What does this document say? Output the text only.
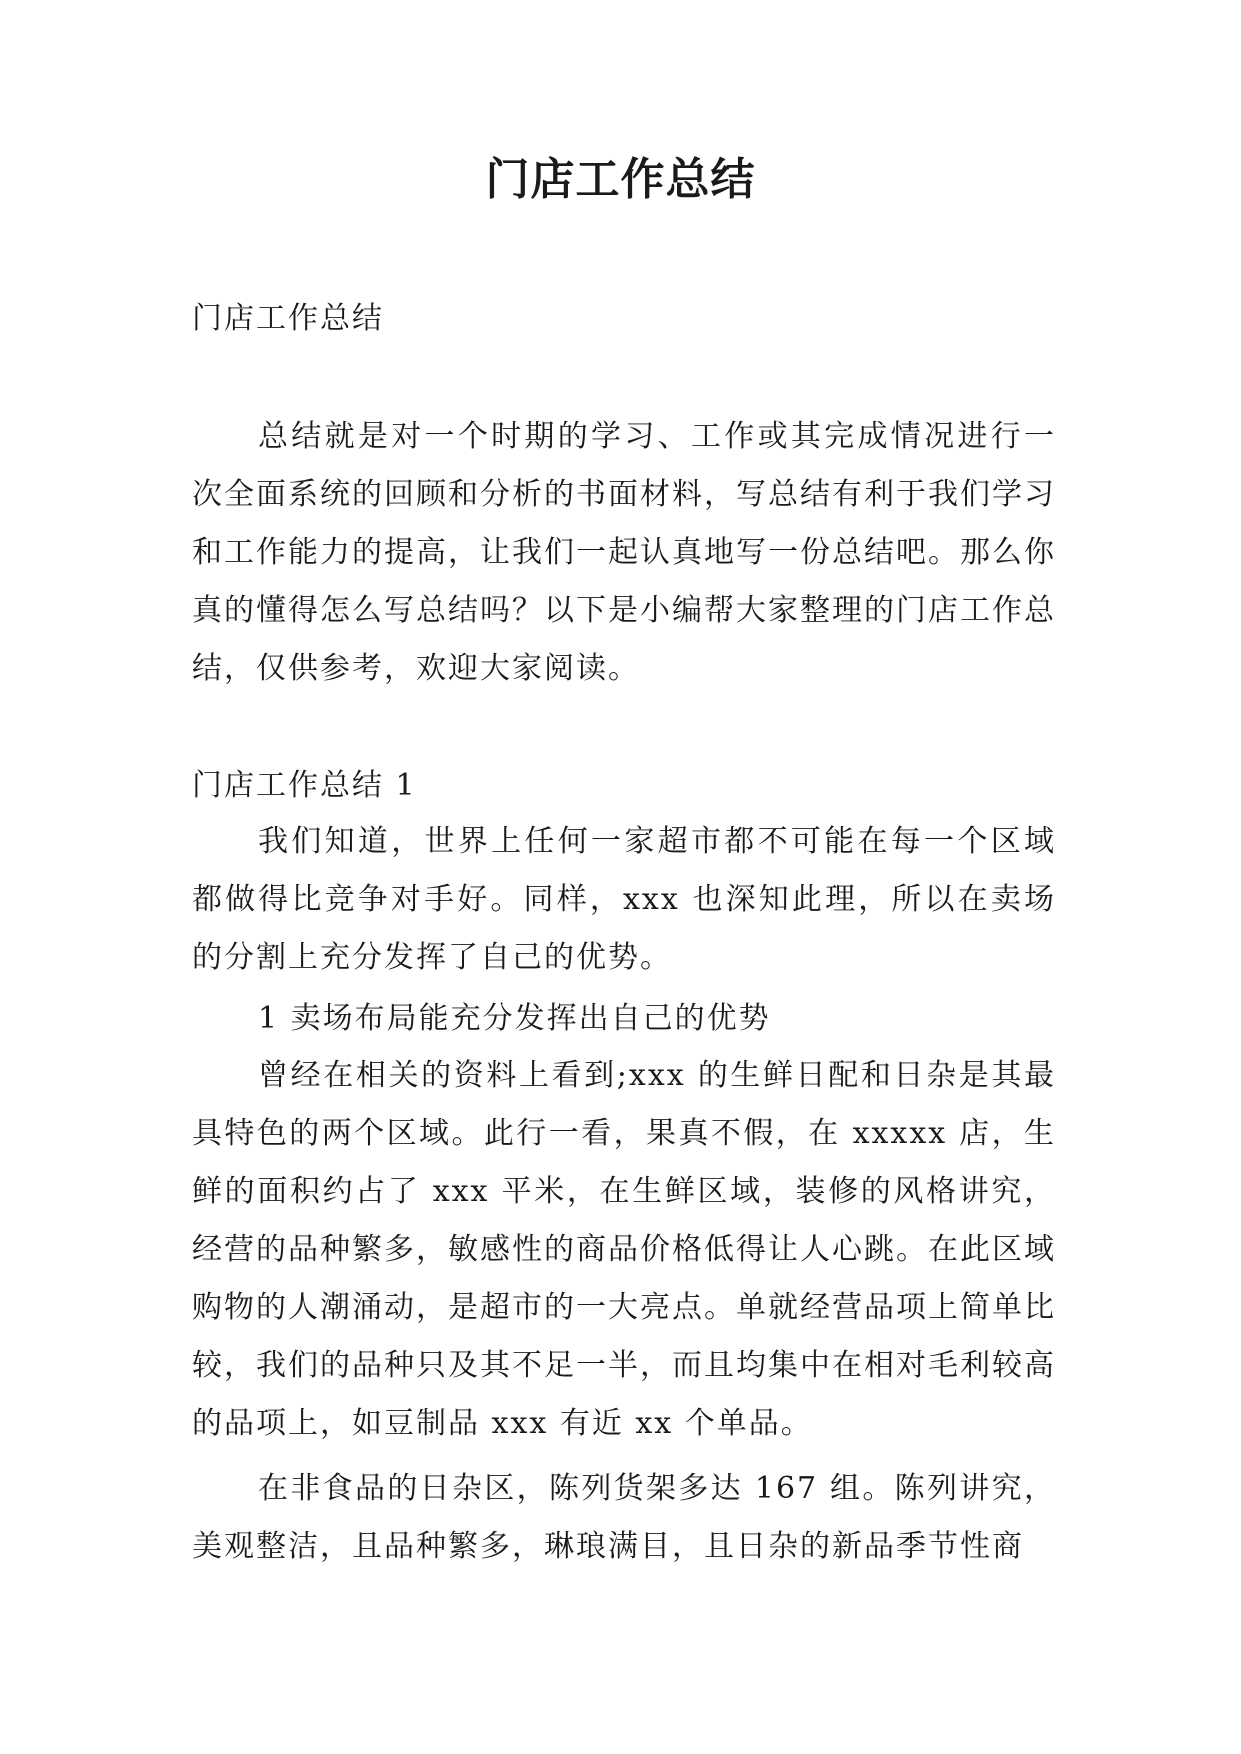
门店工作总结

门店工作总结

总结就是对一个时期的学习、工作或其完成情况进行一次全面系统的回顾和分析的书面材料，写总结有利于我们学习和工作能力的提高，让我们一起认真地写一份总结吧。那么你真的懂得怎么写总结吗？以下是小编帮大家整理的门店工作总结，仅供参考，欢迎大家阅读。

门店工作总结 1

我们知道，世界上任何一家超市都不可能在每一个区域都做得比竞争对手好。同样，xxx 也深知此理，所以在卖场的分割上充分发挥了自己的优势。

1 卖场布局能充分发挥出自己的优势

曾经在相关的资料上看到;xxx 的生鲜日配和日杂是其最具特色的两个区域。此行一看，果真不假，在 xxxxx 店，生鲜的面积约占了 xxx 平米，在生鲜区域，装修的风格讲究，经营的品种繁多，敏感性的商品价格低得让人心跳。在此区域购物的人潮涌动，是超市的一大亮点。单就经营品项上简单比较，我们的品种只及其不足一半，而且均集中在相对毛利较高的品项上，如豆制品 xxx 有近 xx 个单品。

在非食品的日杂区，陈列货架多达 167 组。陈列讲究，美观整洁，且品种繁多，琳琅满目，且日杂的新品季节性商
